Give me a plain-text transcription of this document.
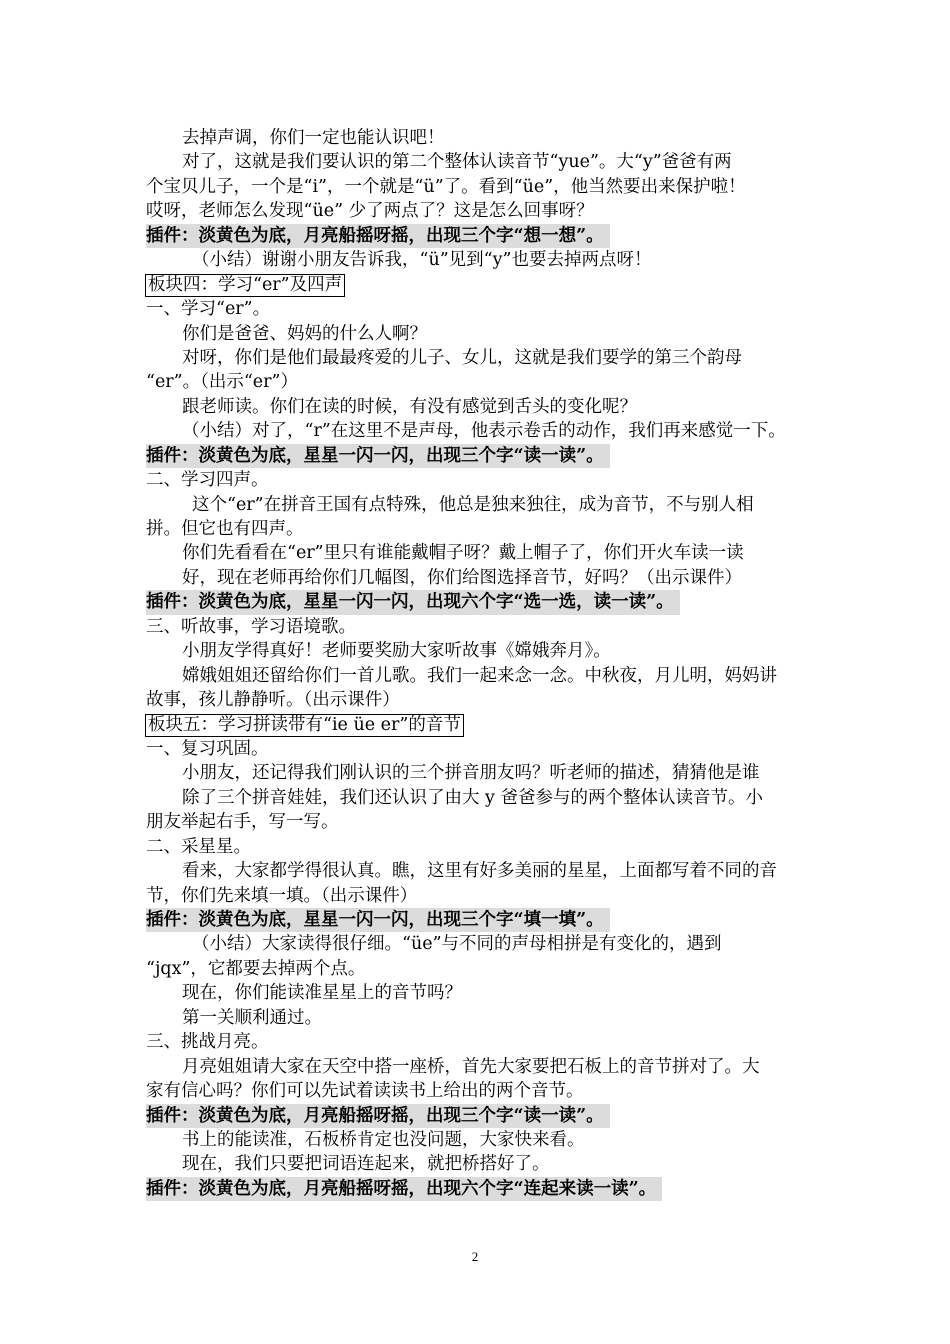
去掉声调，你们一定也能认识吧！
对了，这就是我们要认识的第二个整体认读音节“yue”。大“y”爸爸有两
个宝贝儿子，一个是“i”，一个就是“ü”了。看到“üe”，他当然要出来保护啦！
哎呀，老师怎么发现“üe” 少了两点了？这是怎么回事呀？
插件：淡黄色为底，月亮船摇呀摇，出现三个字“想一想”。
（小结）谢谢小朋友告诉我，“ü”见到“y”也要去掉两点呀！
板块四：学习“er”及四声
一、学习“er”。
你们是爸爸、妈妈的什么人啊？
对呀，你们是他们最最疼爱的儿子、女儿，这就是我们要学的第三个韵母
“er”。（出示“er”）
跟老师读。你们在读的时候，有没有感觉到舌头的变化呢？
（小结）对了，“r”在这里不是声母，他表示卷舌的动作，我们再来感觉一下。
插件：淡黄色为底，星星一闪一闪，出现三个字“读一读”。
二、学习四声。
这个“er”在拼音王国有点特殊，他总是独来独往，成为音节，不与别人相
拼。但它也有四声。
你们先看看在“er”里只有谁能戴帽子呀？戴上帽子了，你们开火车读一读
好，现在老师再给你们几幅图，你们给图选择音节，好吗？（出示课件）
插件：淡黄色为底，星星一闪一闪，出现六个字“选一选，读一读”。
三、听故事，学习语境歌。
小朋友学得真好！老师要奖励大家听故事《嫦娥奔月》。
嫦娥姐姐还留给你们一首儿歌。我们一起来念一念。中秋夜，月儿明，妈妈讲
故事，孩儿静静听。（出示课件）
板块五：学习拼读带有“ie üe er”的音节
一、复习巩固。
小朋友，还记得我们刚认识的三个拼音朋友吗？听老师的描述，猜猜他是谁
除了三个拼音娃娃，我们还认识了由大 y 爸爸参与的两个整体认读音节。小
朋友举起右手，写一写。
二、采星星。
看来，大家都学得很认真。瞧，这里有好多美丽的星星，上面都写着不同的音
节，你们先来填一填。（出示课件）
插件：淡黄色为底，星星一闪一闪，出现三个字“填一填”。
（小结）大家读得很仔细。“üe”与不同的声母相拼是有变化的，遇到
“jqx”，它都要去掉两个点。
现在，你们能读准星星上的音节吗？
第一关顺利通过。
三、挑战月亮。
月亮姐姐请大家在天空中搭一座桥，首先大家要把石板上的音节拼对了。大
家有信心吗？你们可以先试着读读书上给出的两个音节。
插件：淡黄色为底，月亮船摇呀摇，出现三个字“读一读”。
书上的能读准，石板桥肯定也没问题，大家快来看。
现在，我们只要把词语连起来，就把桥搭好了。
插件：淡黄色为底，月亮船摇呀摇，出现六个字“连起来读一读”。
2
